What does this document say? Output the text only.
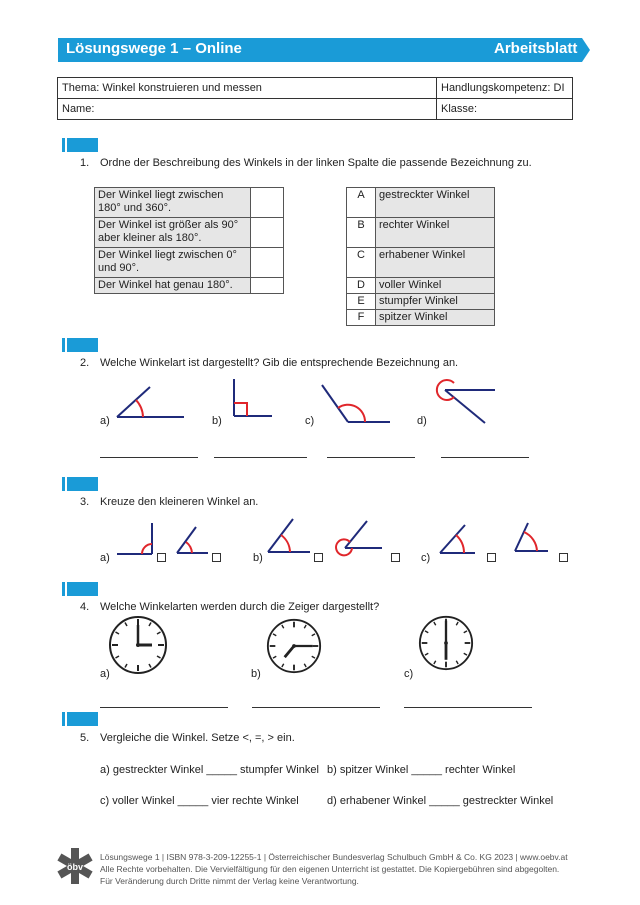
Lösungswege 1 – Online	Arbeitsblatt
Thema: Winkel konstruieren und messen	Handlungskompetenz: DI
Name:	Klasse:
1. Ordne der Beschreibung des Winkels in der linken Spalte die passende Bezeichnung zu.
Der Winkel liegt zwischen
180° und 360°.	
Der Winkel ist größer als 90°
aber kleiner als 180°.	
Der Winkel liegt zwischen 0°
und 90°.	
Der Winkel hat genau 180°.	
A	gestreckter Winkel
B	rechter Winkel
C	erhabener Winkel
D	voller Winkel
E	stumpfer Winkel
F	spitzer Winkel
2. Welche Winkelart ist dargestellt? Gib die entsprechende Bezeichnung an.
a)	b)	c)	d)
3. Kreuze den kleineren Winkel an.
a)	b)	c)
4. Welche Winkelarten werden durch die Zeiger dargestellt?
a)	b)	c)
5. Vergleiche die Winkel. Setze <, =, > ein.
a) gestreckter Winkel _____ stumpfer Winkel b) spitzer Winkel _____ rechter Winkel
c) voller Winkel _____ vier rechte Winkel	d) erhabener Winkel _____ gestreckter Winkel
öbv
Lösungswege 1 | ISBN 978-3-209-12255-1 | Österreichischer Bundesverlag Schulbuch GmbH & Co. KG 2023 | www.oebv.at
Alle Rechte vorbehalten. Die Vervielfältigung für den eigenen Unterricht ist gestattet. Die Kopiergebühren sind abgegolten.
Für Veränderung durch Dritte nimmt der Verlag keine Verantwortung.
